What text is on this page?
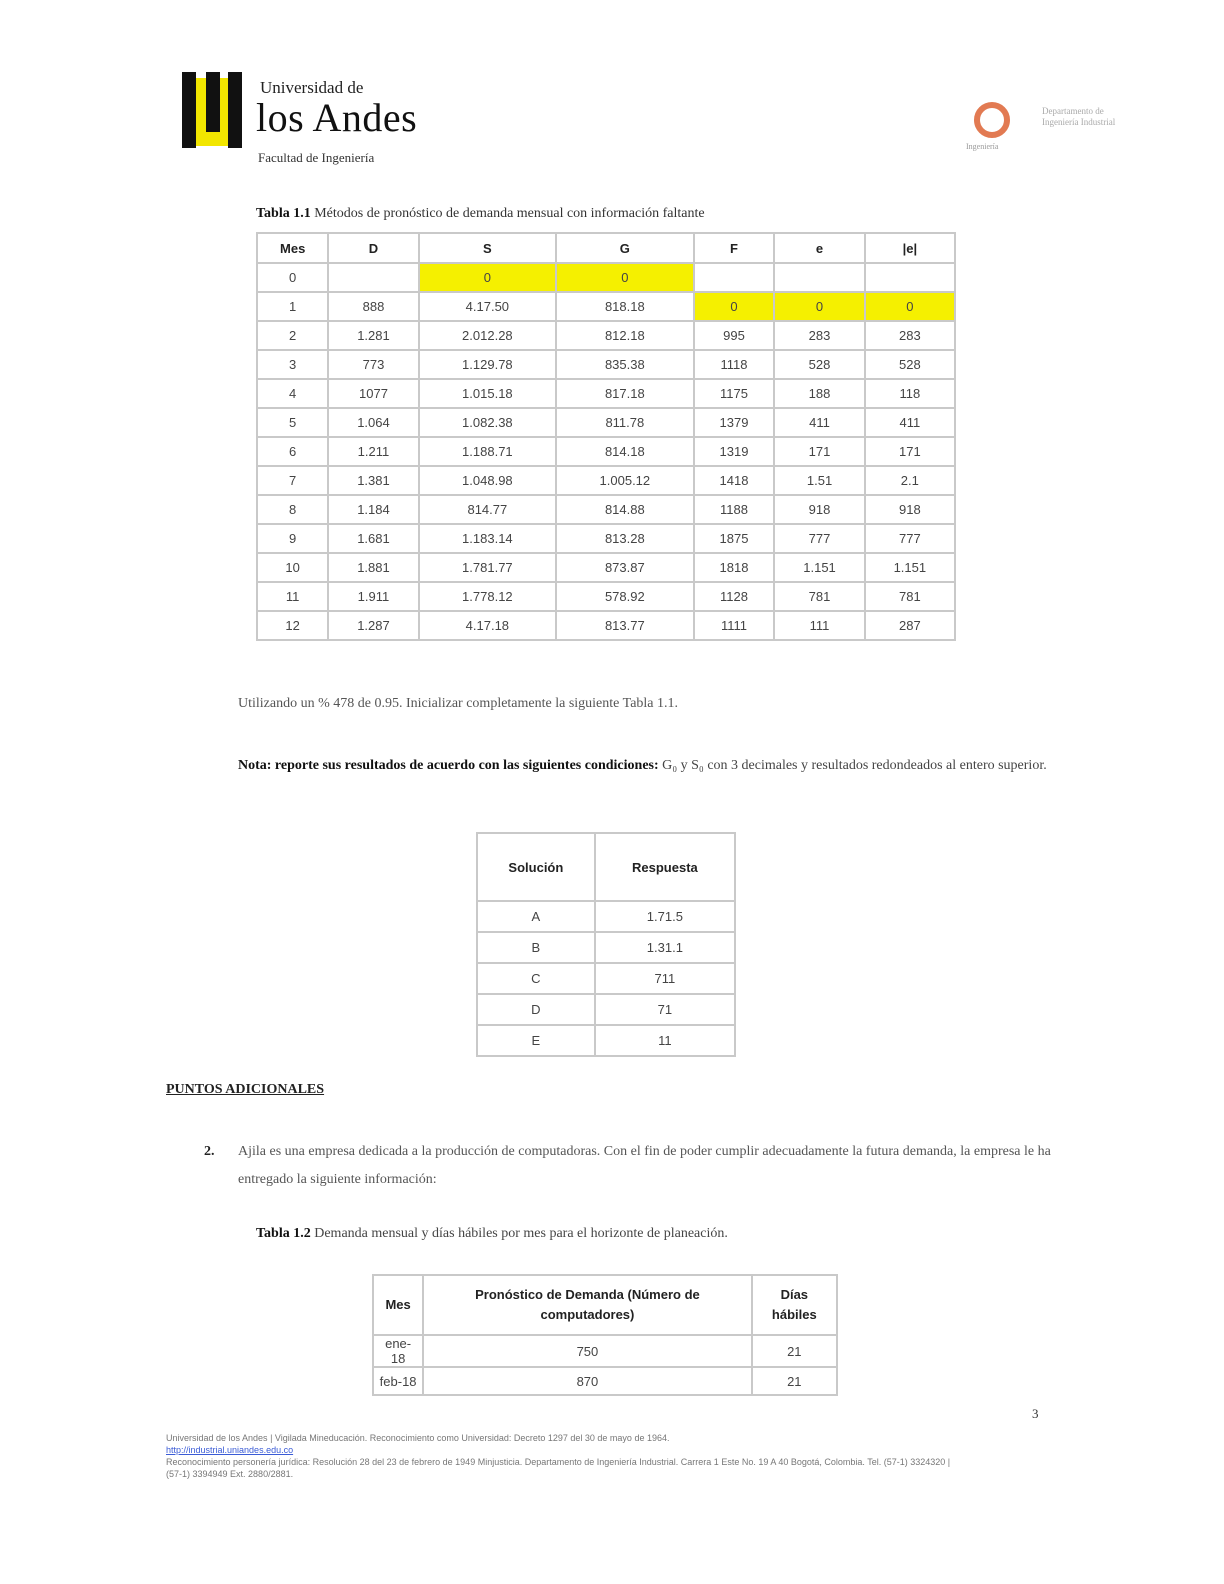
Universidad de
los Andes
Facultad de Ingeniería
Ingeniería
Departamento de Ingeniería Industrial
Tabla 1.1 Métodos de pronóstico de demanda mensual con información faltante
Mes	D	S	G	F	e	|e|
0		0	0			
1	888	4.17.50	818.18	0	0	0
2	1.281	2.012.28	812.18	995	283	283
3	773	1.129.78	835.38	1118	528	528
4	1077	1.015.18	817.18	1175	188	118
5	1.064	1.082.38	811.78	1379	411	411
6	1.211	1.188.71	814.18	1319	171	171
7	1.381	1.048.98	1.005.12	1418	1.51	2.1
8	1.184	814.77	814.88	1188	918	918
9	1.681	1.183.14	813.28	1875	777	777
10	1.881	1.781.77	873.87	1818	1.151	1.151
11	1.911	1.778.12	578.92	1128	781	781
12	1.287	4.17.18	813.77	1111	111	287
Utilizando un % 478 de 0.95. Inicializar completamente la siguiente Tabla 1.1.
Nota: reporte sus resultados de acuerdo con las siguientes condiciones: G₀ y S₀ con 3 decimales y resultados redondeados al entero superior.
Solución	Respuesta
A	1.71.5
B	1.31.1
C	711
D	71
E	11
PUNTOS ADICIONALES
2. Ajila es una empresa dedicada a la producción de computadoras. Con el fin de poder cumplir adecuadamente la futura demanda, la empresa le ha entregado la siguiente información:
Tabla 1.2 Demanda mensual y días hábiles por mes para el horizonte de planeación.
Mes	Pronóstico de Demanda (Número de computadores)	Días hábiles
ene-18	750	21
feb-18	870	21
3
Universidad de los Andes | Vigilada Mineducación. Reconocimiento como Universidad: Decreto 1297 del 30 de mayo de 1964.
http://industrial.uniandes.edu.co
Reconocimiento personería jurídica: Resolución 28 del 23 de febrero de 1949 Minjusticia. Departamento de Ingeniería Industrial. Carrera 1 Este No. 19 A 40 Bogotá, Colombia. Tel. (57-1) 3324320 | (57-1) 3394949 Ext. 2880/2881.
